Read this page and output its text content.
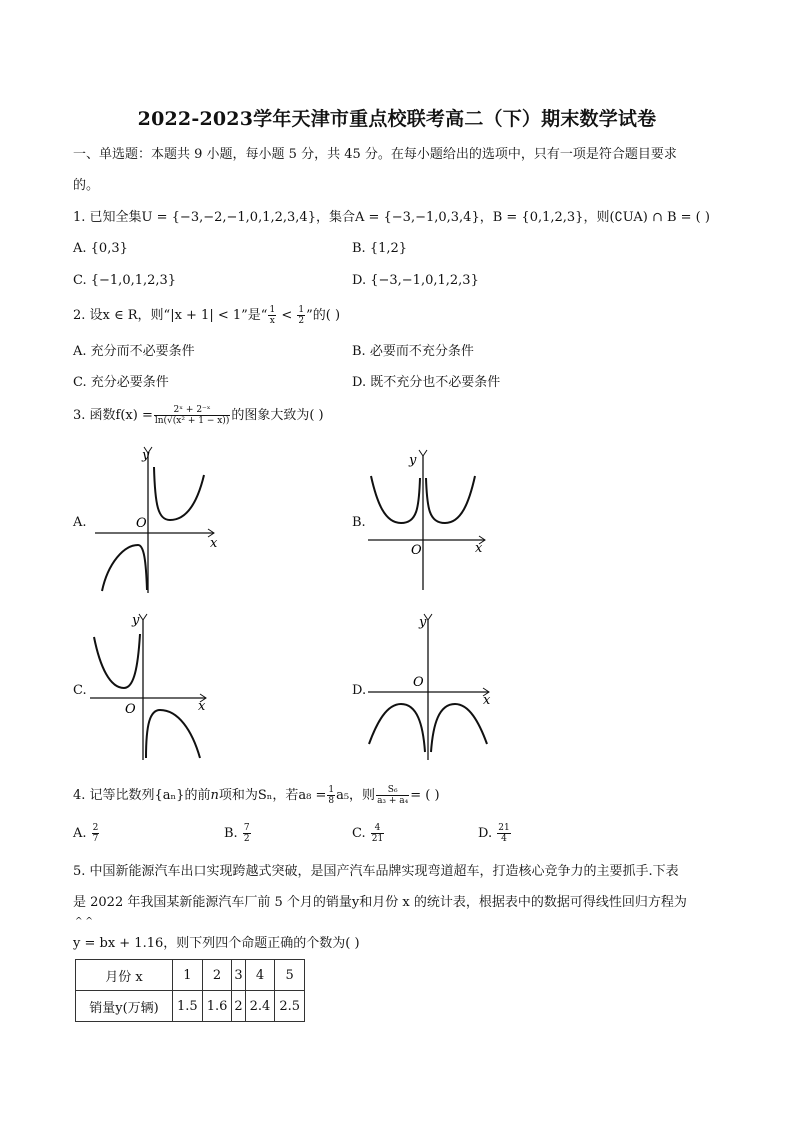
2022-2023学年天津市重点校联考高二（下）期末数学试卷
一、单选题：本题共 9 小题，每小题 5 分，共 45 分。在每小题给出的选项中，只有一项是符合题目要求
的。
1. 已知全集U = {−3,−2,−1,0,1,2,3,4}，集合A = {−3,−1,0,3,4}，B = {0,1,2,3}，则(∁UA) ∩ B = ( )
A. {0,3}	B. {1,2}
C. {−1,0,1,2,3}	D. {−3,−1,0,1,2,3}
2. 设x ∈ R，则“|x + 1| < 1”是“ $\frac{1}{x} < \frac{1}{2}$ ”的( )
A. 充分而不必要条件	B. 必要而不充分条件
C. 充分必要条件	D. 既不充分也不必要条件
3. 函数$f(x) = \frac{\text{2ˣ + 2⁻ˣ}}{\text{ln(√(x² + 1 − x))}}$ 的图象大致为( )
A.
y
x
O	B.
y
x
O
C.
y
x
O
D.
y
x
O
4. 记等比数列{aₙ}的前n项和为Sₙ，若$a_8 = \frac{1}{8} a_5$，则 $\frac{\text{S₆}}{\text{a₃ + a₄}}$ = ( )
A. $\frac{2}{7}$	B. $\frac{7}{2}$	C. $\frac{4}{21}$	D. $\frac{21}{4}$
5. 中国新能源汽车出口实现跨越式突破，是国产汽车品牌实现弯道超车，打造核心竞争力的主要抓手.下表
是 2022 年我国某新能源汽车厂前 5 个月的销量y和月份 x 的统计表，根据表中的数据可得线性回归方程为
^ ^
y = bx + 1.16，则下列四个命题正确的个数为( )
月份 x	1	2	3	4	5
销量y(万辆)	1.5	1.6	2	2.4	2.5
